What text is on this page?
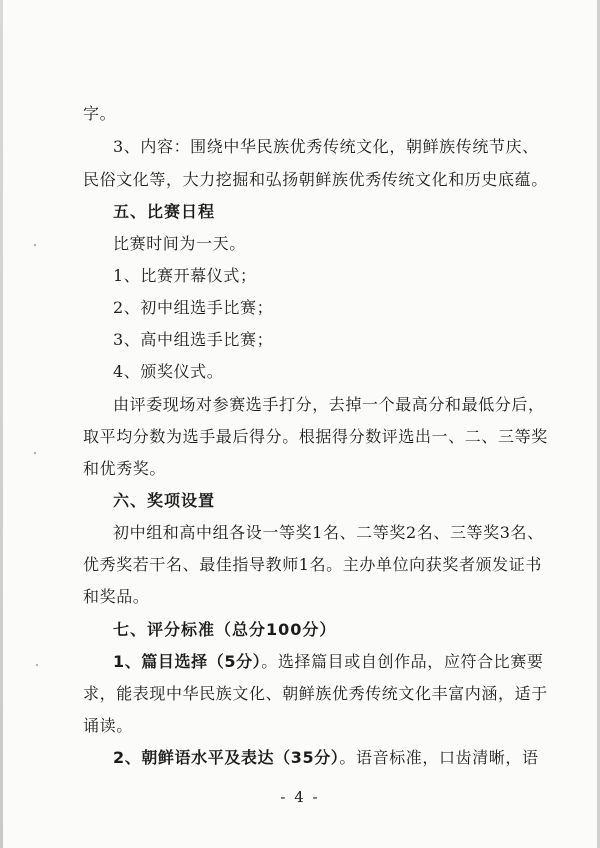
字。
3、内容：围绕中华民族优秀传统文化，朝鲜族传统节庆、
民俗文化等，大力挖掘和弘扬朝鲜族优秀传统文化和历史底蕴。
五、比赛日程
比赛时间为一天。
1、比赛开幕仪式；
2、初中组选手比赛；
3、高中组选手比赛；
4、颁奖仪式。
由评委现场对参赛选手打分，去掉一个最高分和最低分后，
取平均分数为选手最后得分。根据得分数评选出一、二、三等奖
和优秀奖。
六、奖项设置
初中组和高中组各设一等奖1名、二等奖2名、三等奖3名、
优秀奖若干名、最佳指导教师1名。主办单位向获奖者颁发证书
和奖品。
七、评分标准（总分100分）
1、篇目选择（5分）。选择篇目或自创作品，应符合比赛要
求，能表现中华民族文化、朝鲜族优秀传统文化丰富内涵，适于
诵读。
2、朝鲜语水平及表达（35分）。语音标准，口齿清晰，语
- 4 -
